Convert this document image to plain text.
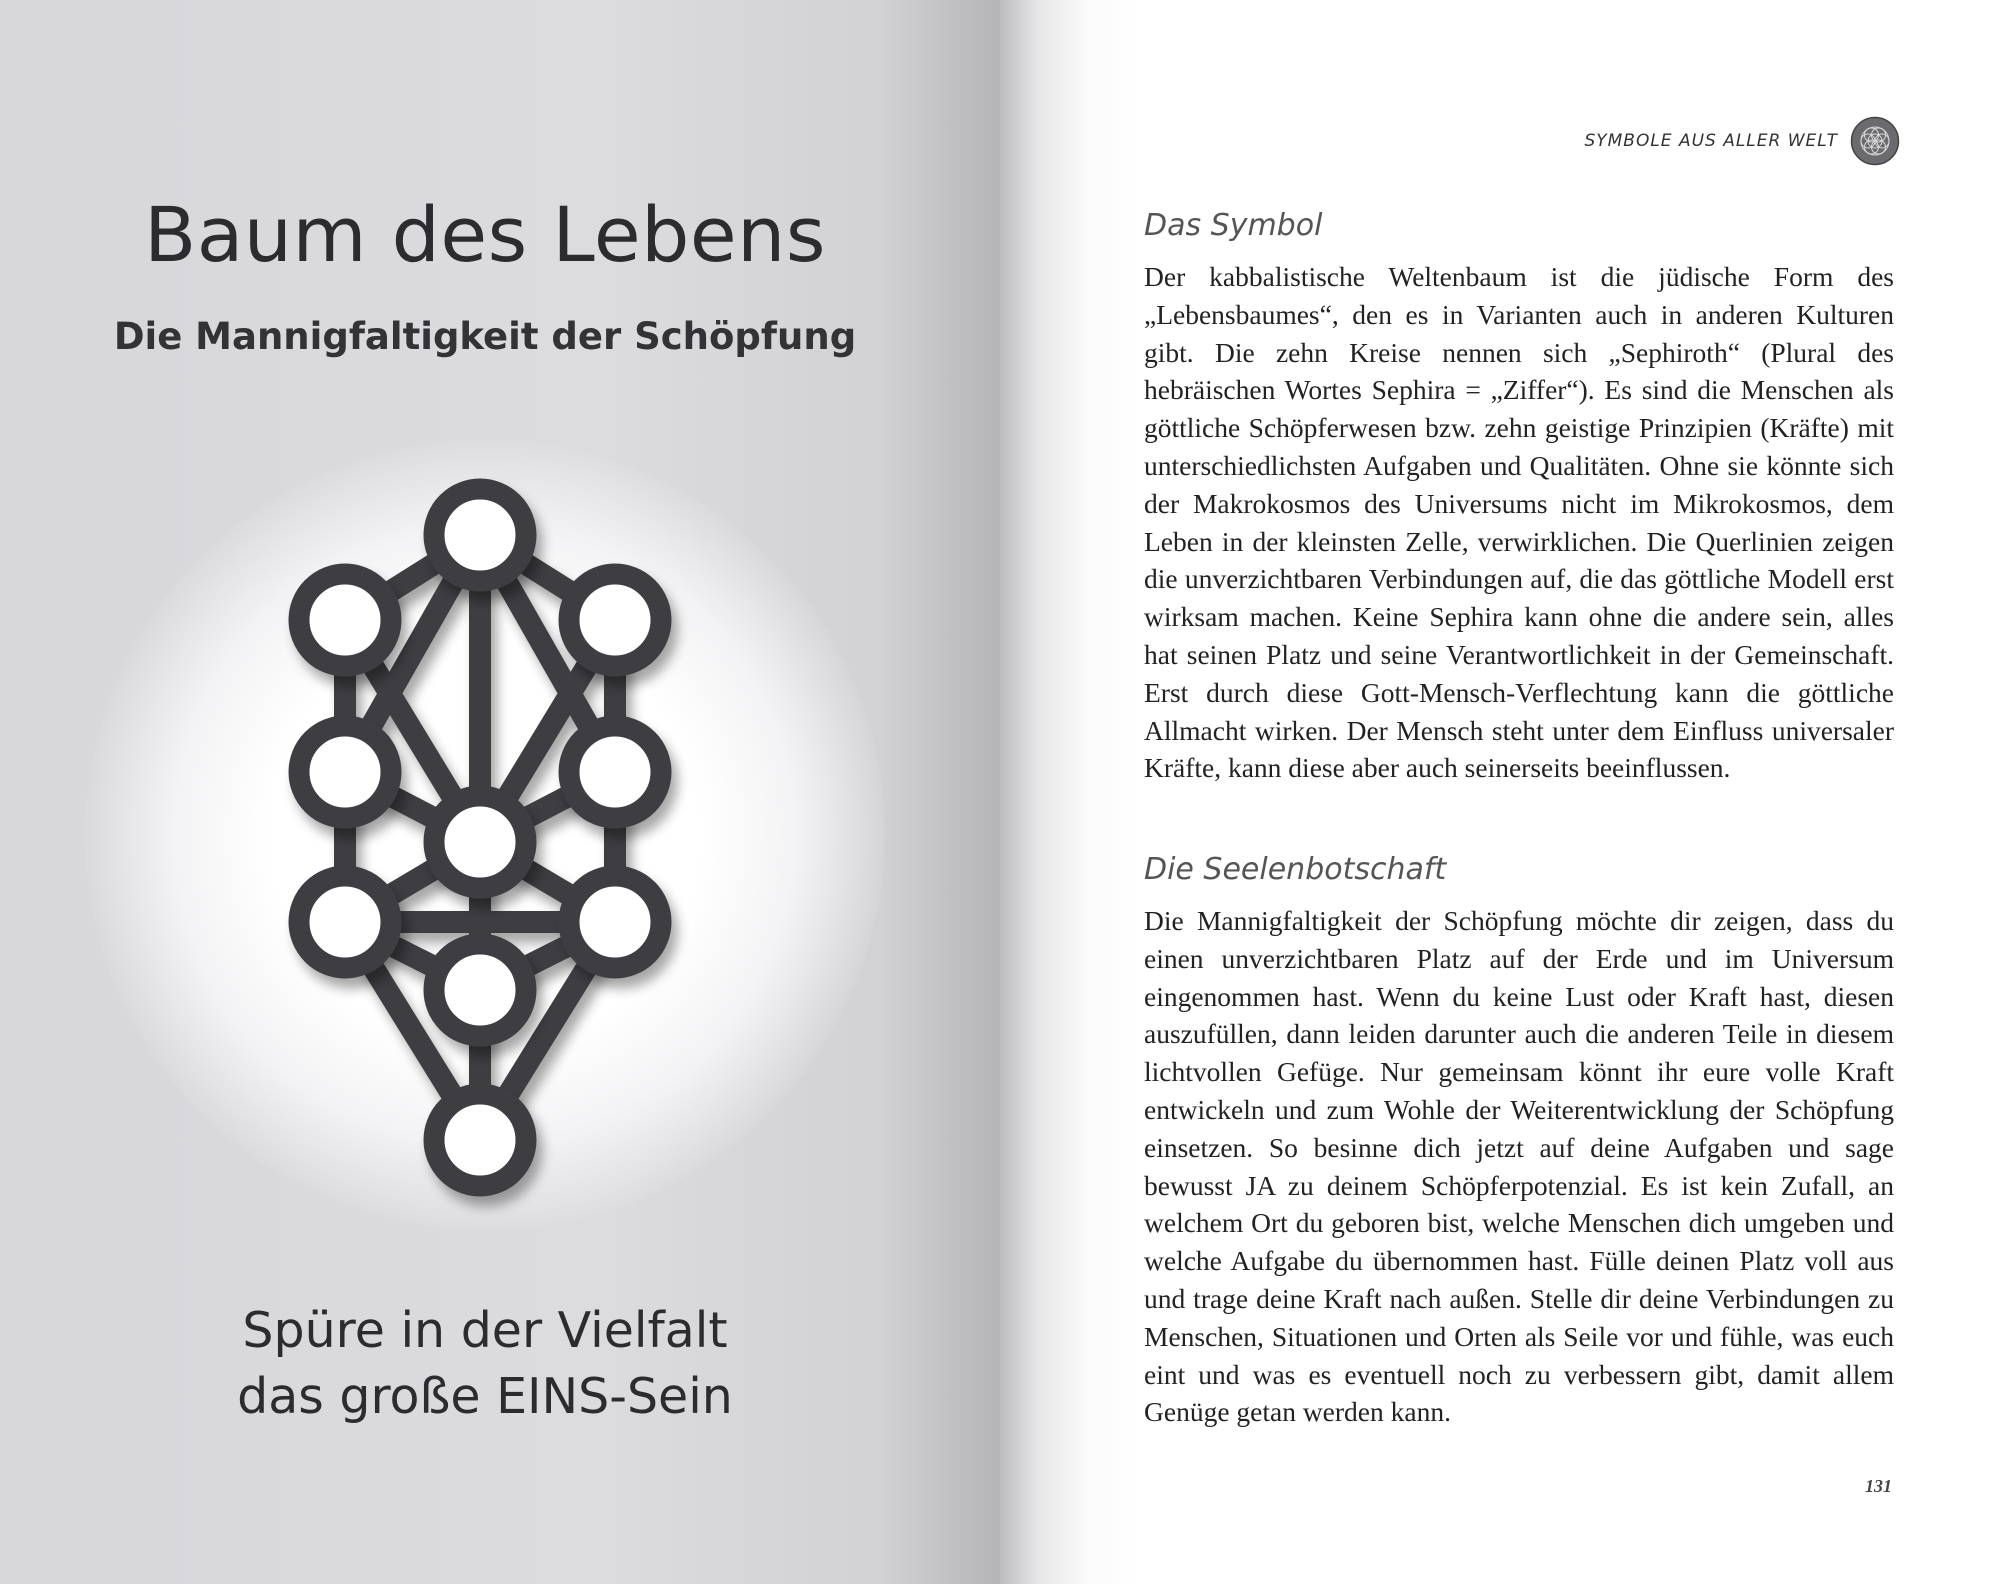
Baum des Lebens
Die Mannigfaltigkeit der Schöpfung

Spüre in der Vielfalt
das große EINS-Sein

SYMBOLE AUS ALLER WELT
Das Symbol

Der kabbalistische Weltenbaum ist die jüdische Form des „Lebensbaumes“, den es in Varianten auch in anderen Kulturen gibt. Die zehn Kreise nennen sich „Sephiroth“ (Plural des hebräischen Wortes Sephira = „Ziffer“). Es sind die Menschen als göttliche Schöpferwesen bzw. zehn geistige Prinzipien (Kräfte) mit unterschiedlichsten Aufgaben und Qualitäten. Ohne sie könnte sich der Makrokosmos des Universums nicht im Mikrokosmos, dem Leben in der kleinsten Zelle, verwirklichen. Die Querlinien zeigen die unverzichtbaren Verbindungen auf, die das göttliche Modell erst wirksam machen. Keine Sephira kann ohne die andere sein, alles hat seinen Platz und seine Verantwortlichkeit in der Gemeinschaft. Erst durch diese Gott-Mensch-Verflechtung kann die göttliche Allmacht wirken. Der Mensch steht unter dem Einfluss universaler Kräfte, kann diese aber auch seinerseits beeinflussen.

Die Seelenbotschaft

Die Mannigfaltigkeit der Schöpfung möchte dir zeigen, dass du einen unverzichtbaren Platz auf der Erde und im Universum eingenommen hast. Wenn du keine Lust oder Kraft hast, diesen auszufüllen, dann leiden darunter auch die anderen Teile in diesem lichtvollen Gefüge. Nur gemeinsam könnt ihr eure volle Kraft entwickeln und zum Wohle der Weiterentwicklung der Schöpfung einsetzen. So besinne dich jetzt auf deine Aufgaben und sage bewusst JA zu deinem Schöpferpotenzial. Es ist kein Zufall, an welchem Ort du geboren bist, welche Menschen dich umgeben und welche Aufgabe du übernommen hast. Fülle deinen Platz voll aus und trage deine Kraft nach außen. Stelle dir deine Verbindungen zu Menschen, Situationen und Orten als Seile vor und fühle, was euch eint und was es eventuell noch zu verbessern gibt, damit allem Genüge getan werden kann.

131
